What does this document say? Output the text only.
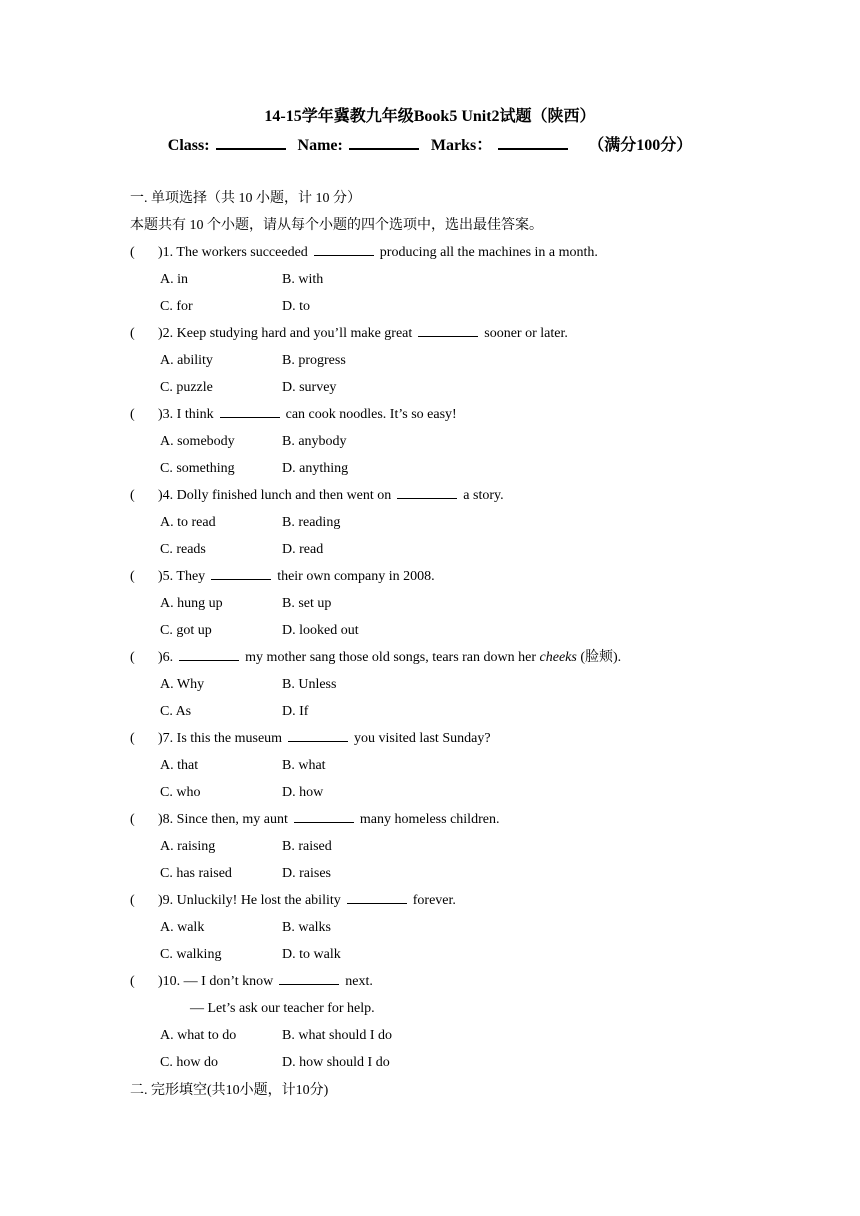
14-15学年冀教九年级Book5 Unit2试题（陕西）
Class:	Name:	Marks：	（满分100分）
一. 单项选择（共 10 小题，计 10 分）
本题共有 10 个小题，请从每个小题的四个选项中，选出最佳答案。
( )1. The workers succeeded	producing all the machines in a month.
A. in	B. with
C. for	D. to
( )2. Keep studying hard and you’ll make great	sooner or later.
A. ability	B. progress
C. puzzle	D. survey
( )3. I think	can cook noodles. It’s so easy!
A. somebody	B. anybody
C. something	D. anything
( )4. Dolly finished lunch and then went on	a story.
A. to read	B. reading
C. reads	D. read
( )5. They	their own company in 2008.
A. hung up	B. set up
C. got up	D. looked out
( )6.	my mother sang those old songs, tears ran down her cheeks (脸颊).
A. Why	B. Unless
C. As	D. If
( )7. Is this the museum	you visited last Sunday?
A. that	B. what
C. who	D. how
( )8. Since then, my aunt	many homeless children.
A. raising	B. raised
C. has raised	D. raises
( )9. Unluckily! He lost the ability	forever.
A. walk	B. walks
C. walking	D. to walk
( )10. — I don’t know	next.
— Let’s ask our teacher for help.
A. what to do	B. what should I do
C. how do	D. how should I do
二. 完形填空(共10小题，计10分)
